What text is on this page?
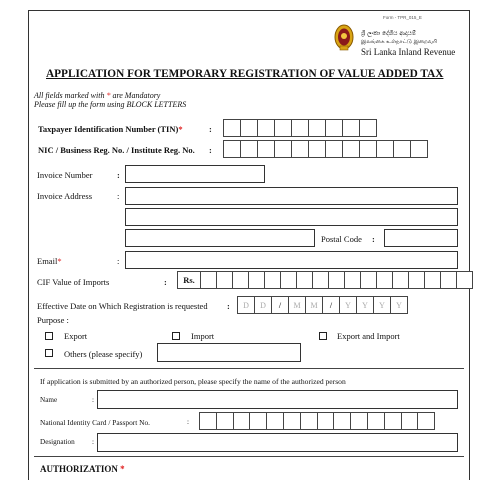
Form - TPR_015_E
ශ්‍රී ලංකා දේශීය ආදායම්
இலங்கை உள்நாட்டு இறைவரி
Sri Lanka Inland Revenue
APPLICATION FOR TEMPORARY REGISTRATION OF VALUE ADDED TAX
All fields marked with * are Mandatory
Please fill up the form using BLOCK LETTERS
Taxpayer Identification Number (TIN)*	:
NIC / Business Reg. No. / Institute Reg. No. :
Invoice Number	:
Invoice Address	:
Postal Code :
Email*	:
CIF Value of Imports	:	Rs.
Effective Date on Which Registration is requested :	D	D	/	M	M	/	Y	Y	Y	Y
Purpose :
Export	Import	Export and Import
Others (please specify)
If application is submitted by an authorized person, please specify the name of the authorized person
Name	:
National Identity Card / Passport No.	:
Designation :
AUTHORIZATION *
